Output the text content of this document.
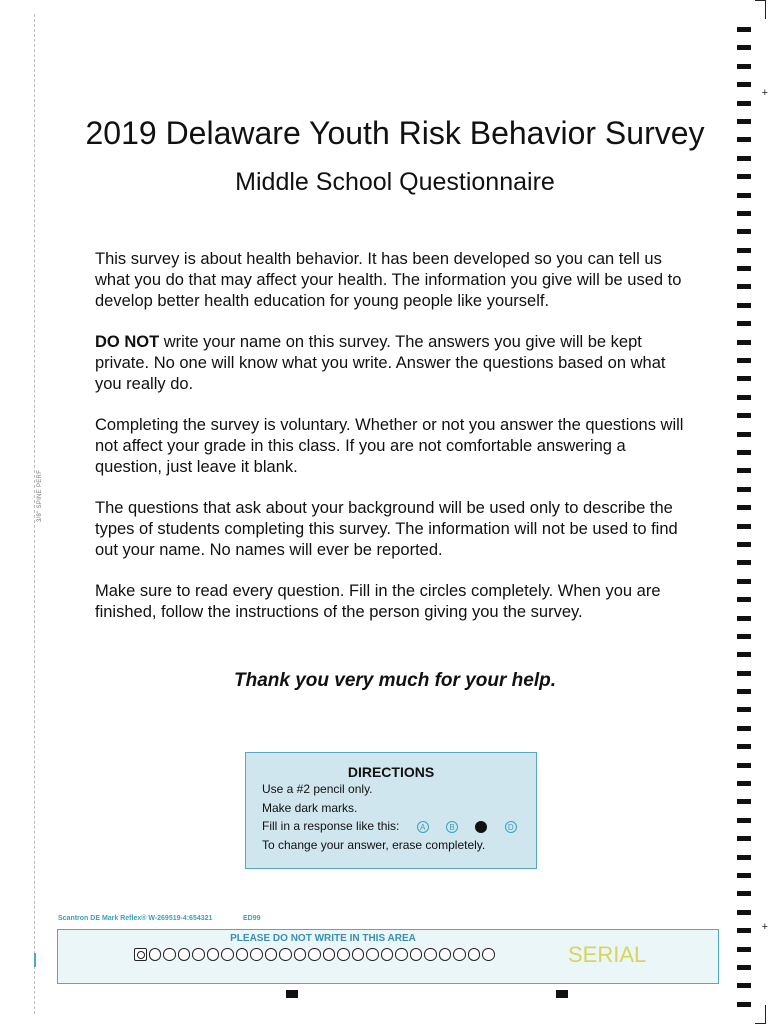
3/8" SPINE PERF
+
+
2019 Delaware Youth Risk Behavior Survey
Middle School Questionnaire

This survey is about health behavior. It has been developed so you can tell us what you do that may affect your health. The information you give will be used to develop better health education for young people like yourself.

DO NOT write your name on this survey. The answers you give will be kept private. No one will know what you write. Answer the questions based on what you really do.

Completing the survey is voluntary. Whether or not you answer the questions will not affect your grade in this class. If you are not comfortable answering a question, just leave it blank.

The questions that ask about your background will be used only to describe the types of students completing this survey. The information will not be used to find out your name. No names will ever be reported.

Make sure to read every question. Fill in the circles completely. When you are finished, follow the instructions of the person giving you the survey.

Thank you very much for your help.
DIRECTIONS
Use a #2 pencil only.
Make dark marks.
Fill in a response like this:	A	B	D
To change your answer, erase completely.
Scantron DE Mark Reflex® W-269519-4:654321	ED99
PLEASE DO NOT WRITE IN THIS AREA
SERIAL
